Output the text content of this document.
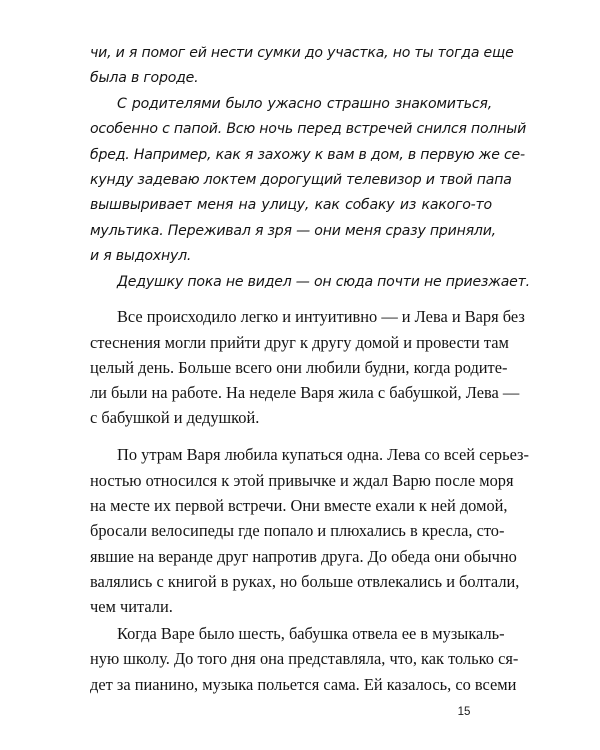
чи, и я помог ей нести сумки до участка, но ты тогда еще

была в городе.

С родителями было ужасно страшно знакомиться,

особенно с папой. Всю ночь перед встречей снился полный

бред. Например, как я захожу к вам в дом, в первую же се-

кунду задеваю локтем дорогущий телевизор и твой папа

вышвыривает меня на улицу, как собаку из какого-то

мультика. Переживал я зря — они меня сразу приняли,

и я выдохнул.

Дедушку пока не видел — он сюда почти не приезжает.

Все происходило легко и интуитивно — и Лева и Варя без

стеснения могли прийти друг к другу домой и провести там

целый день. Больше всего они любили будни, когда родите-

ли были на работе. На неделе Варя жила с бабушкой, Лева —

с бабушкой и дедушкой.

По утрам Варя любила купаться одна. Лева со всей серьез-

ностью относился к этой привычке и ждал Варю после моря

на месте их первой встречи. Они вместе ехали к ней домой,

бросали велосипеды где попало и плюхались в кресла, сто-

явшие на веранде друг напротив друга. До обеда они обычно

валялись с книгой в руках, но больше отвлекались и болтали,

чем читали.

Когда Варе было шесть, бабушка отвела ее в музыкаль-

ную школу. До того дня она представляла, что, как только ся-

дет за пианино, музыка польется сама. Ей казалось, со всеми

15
